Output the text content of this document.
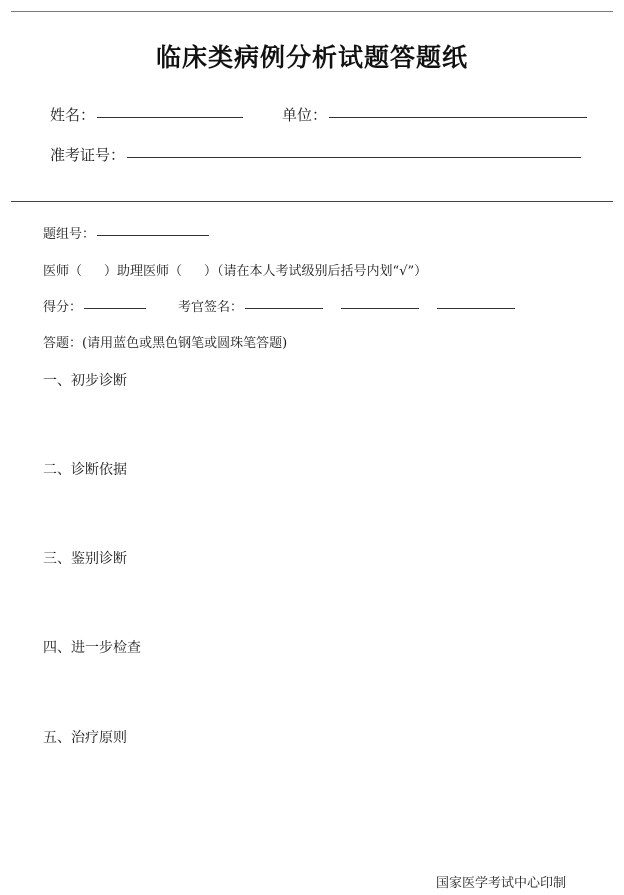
临床类病例分析试题答题纸
姓名：	单位：
准考证号：
题组号：
医师（ ） 助理医师（ ）（请在本人考试级别后括号内划“√”）
得分：	考官签名：
答题：(请用蓝色或黑色钢笔或圆珠笔答题)
一、初步诊断
二、诊断依据
三、鉴别诊断
四、进一步检查
五、治疗原则
国家医学考试中心印制
